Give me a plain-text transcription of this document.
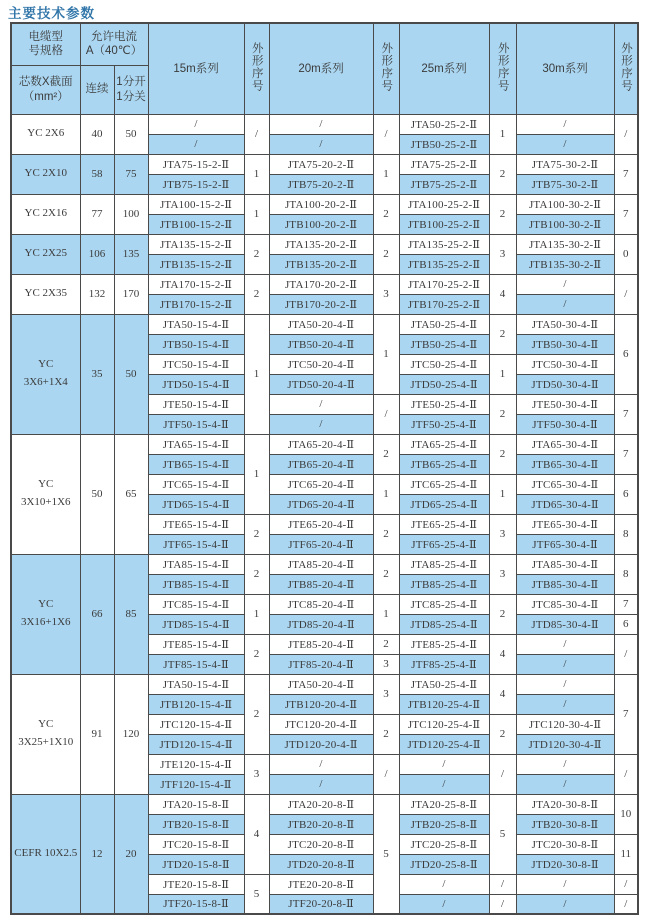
主要技术参数
电缆型
号规格	允许电流
A（40℃）		15m系列	外形序号	20m系列	外形序号	25m系列	外形序号	30m系列	外形序号

芯数X截面
（mm²）	连续	1分开
1分关								

YC 2X6	40	50	/	/	/	/	JTA50-25-2-Ⅱ	1	/	/
			/		/		JTB50-25-2-Ⅱ		/	

YC 2X10	58	75	JTA75-15-2-Ⅱ	1	JTA75-20-2-Ⅱ	1	JTA75-25-2-Ⅱ	2	JTA75-30-2-Ⅱ	7
			JTB75-15-2-Ⅱ		JTB75-20-2-Ⅱ		JTB75-25-2-Ⅱ		JTB75-30-2-Ⅱ	

YC 2X16	77	100	JTA100-15-2-Ⅱ	1	JTA100-20-2-Ⅱ	2	JTA100-25-2-Ⅱ	2	JTA100-30-2-Ⅱ	7
			JTB100-15-2-Ⅱ		JTB100-20-2-Ⅱ		JTB100-25-2-Ⅱ		JTB100-30-2-Ⅱ	

YC 2X25	106	135	JTA135-15-2-Ⅱ	2	JTA135-20-2-Ⅱ	2	JTA135-25-2-Ⅱ	3	JTA135-30-2-Ⅱ	0
			JTB135-15-2-Ⅱ		JTB135-20-2-Ⅱ		JTB135-25-2-Ⅱ		JTB135-30-2-Ⅱ	

YC 2X35	132	170	JTA170-15-2-Ⅱ	2	JTA170-20-2-Ⅱ	3	JTA170-25-2-Ⅱ	4	/	/
			JTB170-15-2-Ⅱ		JTB170-20-2-Ⅱ		JTB170-25-2-Ⅱ		/	

YC
3X6+1X4	35	50	JTA50-15-4-Ⅱ	1	JTA50-20-4-Ⅱ	1	JTA50-25-4-Ⅱ	2	JTA50-30-4-Ⅱ	6
			JTB50-15-4-Ⅱ		JTB50-20-4-Ⅱ		JTB50-25-4-Ⅱ		JTB50-30-4-Ⅱ	
			JTC50-15-4-Ⅱ		JTC50-20-4-Ⅱ		JTC50-25-4-Ⅱ	1	JTC50-30-4-Ⅱ	
			JTD50-15-4-Ⅱ		JTD50-20-4-Ⅱ		JTD50-25-4-Ⅱ		JTD50-30-4-Ⅱ	
			JTE50-15-4-Ⅱ		/	/	JTE50-25-4-Ⅱ	2	JTE50-30-4-Ⅱ	7
			JTF50-15-4-Ⅱ		/		JTF50-25-4-Ⅱ		JTF50-30-4-Ⅱ	

YC
3X10+1X6	50	65	JTA65-15-4-Ⅱ	1	JTA65-20-4-Ⅱ	2	JTA65-25-4-Ⅱ	2	JTA65-30-4-Ⅱ	7
			JTB65-15-4-Ⅱ		JTB65-20-4-Ⅱ		JTB65-25-4-Ⅱ		JTB65-30-4-Ⅱ	
			JTC65-15-4-Ⅱ		JTC65-20-4-Ⅱ	1	JTC65-25-4-Ⅱ	1	JTC65-30-4-Ⅱ	6
			JTD65-15-4-Ⅱ		JTD65-20-4-Ⅱ		JTD65-25-4-Ⅱ		JTD65-30-4-Ⅱ	
			JTE65-15-4-Ⅱ	2	JTE65-20-4-Ⅱ	2	JTE65-25-4-Ⅱ	3	JTE65-30-4-Ⅱ	8
			JTF65-15-4-Ⅱ		JTF65-20-4-Ⅱ		JTF65-25-4-Ⅱ		JTF65-30-4-Ⅱ	

YC
3X16+1X6	66	85	JTA85-15-4-Ⅱ	2	JTA85-20-4-Ⅱ	2	JTA85-25-4-Ⅱ	3	JTA85-30-4-Ⅱ	8
			JTB85-15-4-Ⅱ		JTB85-20-4-Ⅱ		JTB85-25-4-Ⅱ		JTB85-30-4-Ⅱ	
			JTC85-15-4-Ⅱ	1	JTC85-20-4-Ⅱ	1	JTC85-25-4-Ⅱ	2	JTC85-30-4-Ⅱ	7
			JTD85-15-4-Ⅱ		JTD85-20-4-Ⅱ		JTD85-25-4-Ⅱ		JTD85-30-4-Ⅱ	6
			JTE85-15-4-Ⅱ	2	JTE85-20-4-Ⅱ	2	JTE85-25-4-Ⅱ	4	/	/
			JTF85-15-4-Ⅱ		JTF85-20-4-Ⅱ	3	JTF85-25-4-Ⅱ		/	

YC
3X25+1X10	91	120	JTA50-15-4-Ⅱ	2	JTA50-20-4-Ⅱ	3	JTA50-25-4-Ⅱ	4	/	7
			JTB120-15-4-Ⅱ		JTB120-20-4-Ⅱ		JTB120-25-4-Ⅱ		/	
			JTC120-15-4-Ⅱ		JTC120-20-4-Ⅱ	2	JTC120-25-4-Ⅱ	2	JTC120-30-4-Ⅱ	
			JTD120-15-4-Ⅱ		JTD120-20-4-Ⅱ		JTD120-25-4-Ⅱ		JTD120-30-4-Ⅱ	
			JTE120-15-4-Ⅱ	3	/	/	/	/	/	/
			JTF120-15-4-Ⅱ		/		/		/	

CEFR 10X2.5	12	20	JTA20-15-8-Ⅱ	4	JTA20-20-8-Ⅱ	5	JTA20-25-8-Ⅱ	5	JTA20-30-8-Ⅱ	10
			JTB20-15-8-Ⅱ		JTB20-20-8-Ⅱ		JTB20-25-8-Ⅱ		JTB20-30-8-Ⅱ	
			JTC20-15-8-Ⅱ		JTC20-20-8-Ⅱ		JTC20-25-8-Ⅱ		JTC20-30-8-Ⅱ	11
			JTD20-15-8-Ⅱ		JTD20-20-8-Ⅱ		JTD20-25-8-Ⅱ		JTD20-30-8-Ⅱ	
			JTE20-15-8-Ⅱ	5	JTE20-20-8-Ⅱ		/	/	/	/
			JTF20-15-8-Ⅱ		JTF20-20-8-Ⅱ		/	/	/	/
